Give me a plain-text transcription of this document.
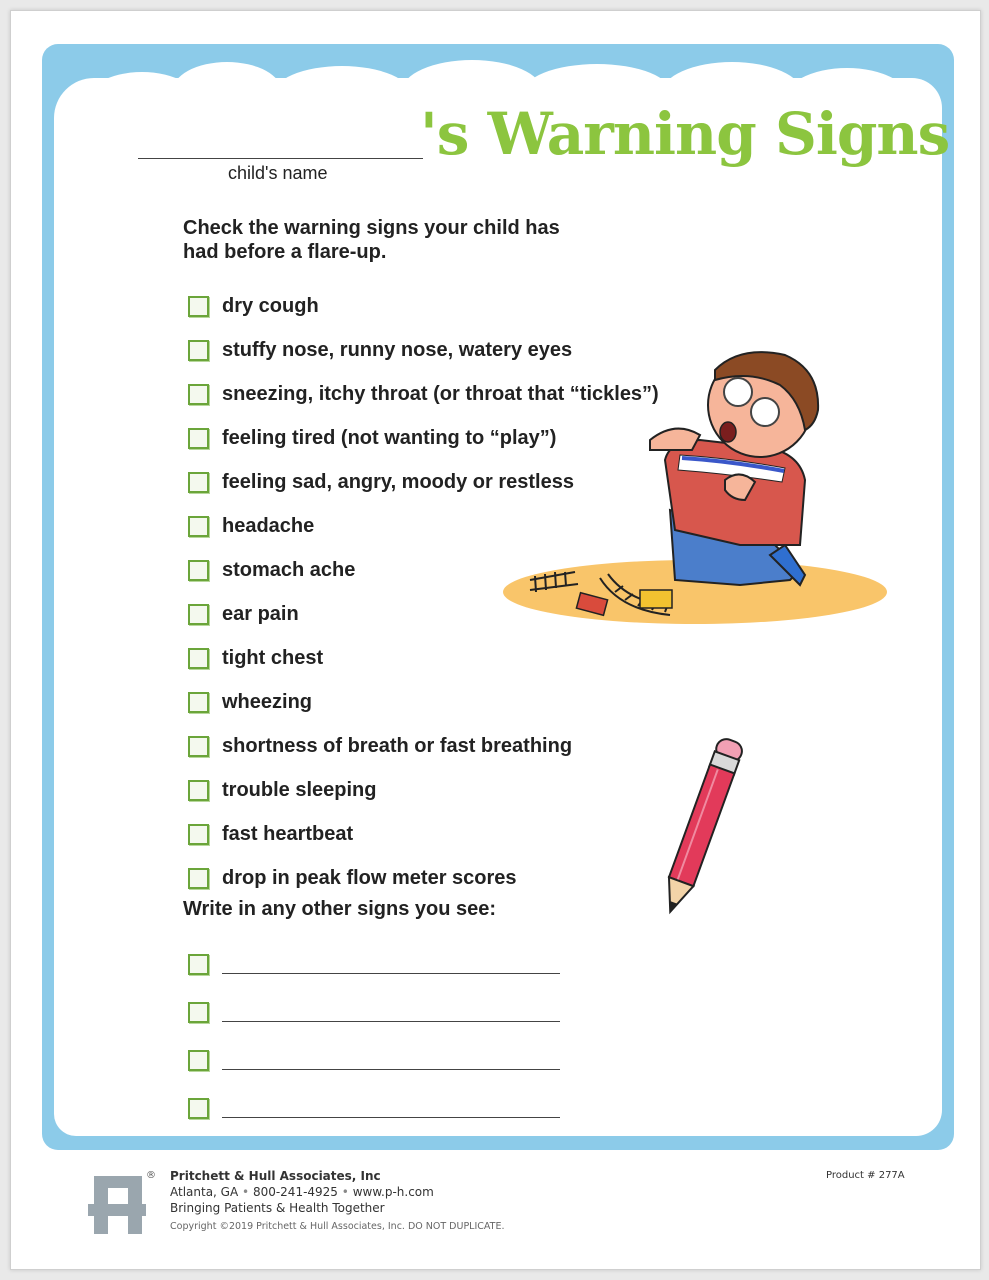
child's name
's Warning Signs
Check the warning signs your child has had before a flare-up.
dry cough
stuffy nose, runny nose, watery eyes
sneezing, itchy throat (or throat that “tickles”)
feeling tired (not wanting to “play”)
feeling sad, angry, moody or restless
headache
stomach ache
ear pain
tight chest
wheezing
shortness of breath or fast breathing
trouble sleeping
fast heartbeat
drop in peak flow meter scores
Write in any other signs you see:
® Pritchett & Hull Associates, Inc
Atlanta, GA • 800-241-4925 • www.p-h.com
Bringing Patients & Health Together
Copyright ©2019 Pritchett & Hull Associates, Inc. DO NOT DUPLICATE.
Product # 277A
